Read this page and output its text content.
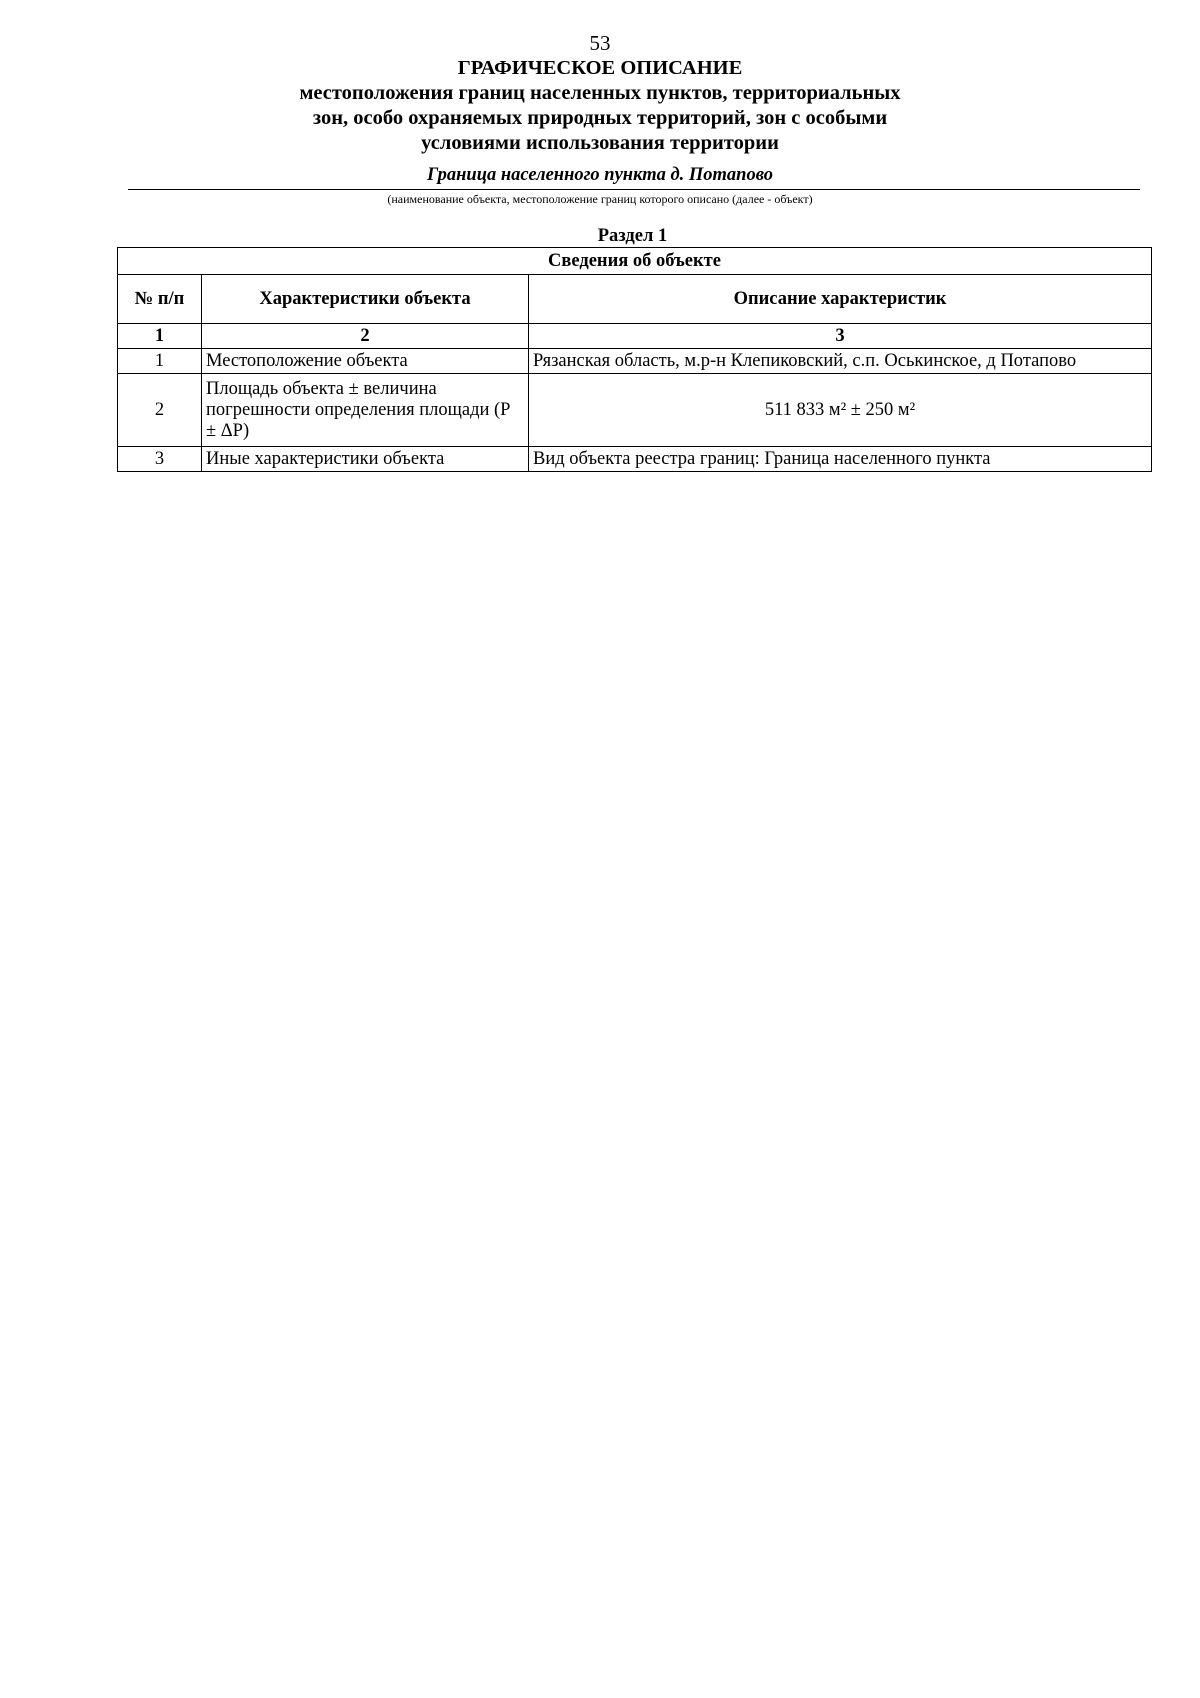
53
ГРАФИЧЕСКОЕ ОПИСАНИЕ
местоположения границ населенных пунктов, территориальных
зон, особо охраняемых природных территорий, зон с особыми
условиями использования территории
Граница населенного пункта д. Потапово
(наименование объекта, местоположение границ которого описано (далее - объект)
Раздел 1
Сведения об объекте		
№ п/п	Характеристики объекта	Описание характеристик
1	2	3
1	Местоположение объекта	Рязанская область, м.р-н Клепиковский, с.п. Оськинское, д Потапово
2	Площадь объекта ± величина погрешности определения площади (P ± ΔP)	511 833 м² ± 250 м²
3	Иные характеристики объекта	Вид объекта реестра границ: Граница населенного пункта
